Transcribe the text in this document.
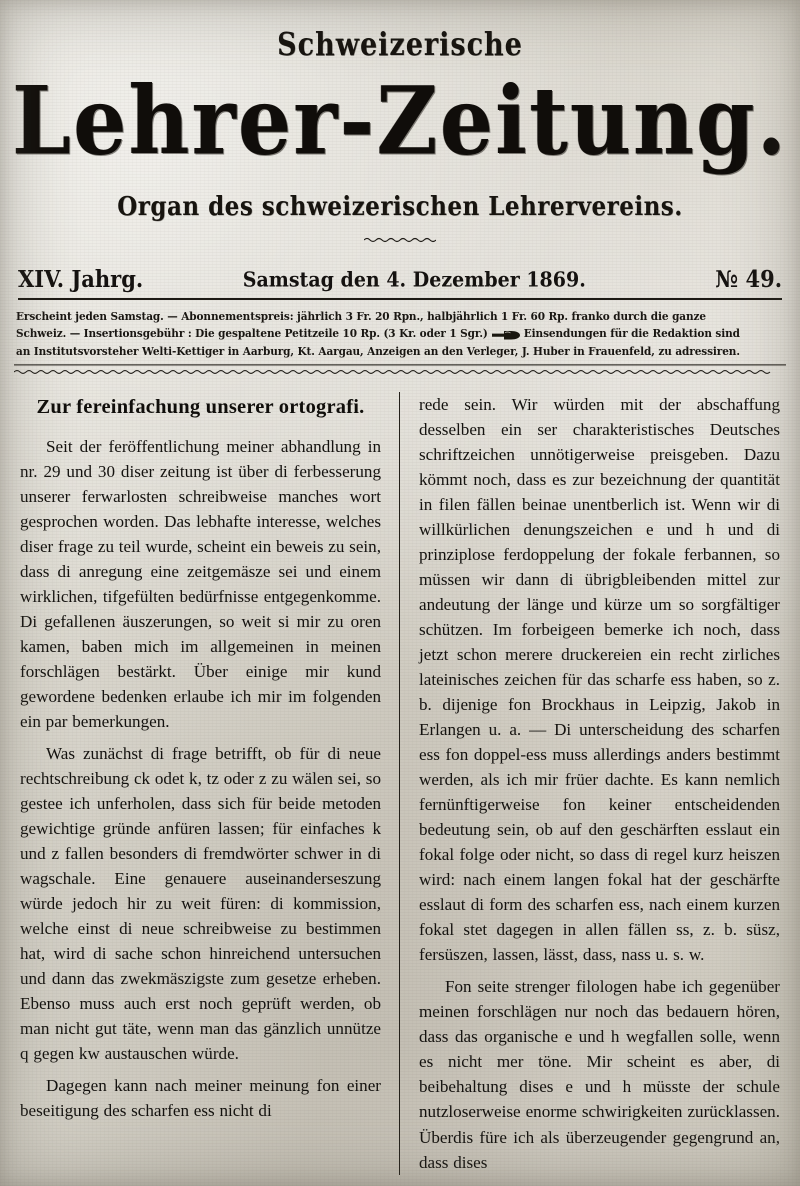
Schweizerische
Lehrer-Zeitung.
Organ des schweizerischen Lehrervereins.
XIV. Jahrg.	Samstag den 4. Dezember 1869.	№ 49.
Erscheint jeden Samstag. — Abonnementspreis: jährlich 3 Fr. 20 Rpn., halbjährlich 1 Fr. 60 Rp. franko durch die ganze
Schweiz. — Insertionsgebühr : Die gespaltene Petitzeile 10 Rp. (3 Kr. oder 1 Sgr.)	Einsendungen für die Redaktion sind
an Institutsvorsteher Welti-Kettiger in Aarburg, Kt. Aargau, Anzeigen an den Verleger, J. Huber in Frauenfeld, zu adressiren.
Zur fereinfachung unserer ortografi.

Seit der feröffentlichung meiner abhandlung in nr. 29 und 30 diser zeitung ist über di ferbesserung unserer ferwarlosten schreibweise manches wort gesprochen worden. Das lebhafte interesse, welches diser frage zu teil wurde, scheint ein beweis zu sein, dass di anregung eine zeitgemäsze sei und einem wirklichen, tifgefülten bedürfnisse entgegenkomme. Di gefallenen äuszerungen, so weit si mir zu oren kamen, baben mich im allgemeinen in meinen forschlägen bestärkt. Über einige mir kund gewordene bedenken erlaube ich mir im folgenden ein par bemerkungen.

Was zunächst di frage betrifft, ob für di neue rechtschreibung ck odet k, tz oder z zu wälen sei, so gestee ich unferholen, dass sich für beide metoden gewichtige gründe anfüren lassen; für einfaches k und z fallen besonders di fremdwörter schwer in di wagschale. Eine genauere auseinanderseszung würde jedoch hir zu weit füren: di kommission, welche einst di neue schreibweise zu bestimmen hat, wird di sache schon hinreichend untersuchen und dann das zwekmäszigste zum gesetze erheben. Ebenso muss auch erst noch geprüft werden, ob man nicht gut täte, wenn man das gänzlich unnütze q gegen kw austauschen würde.

Dagegen kann nach meiner meinung fon einer beseitigung des scharfen ess nicht di

rede sein. Wir würden mit der abschaffung desselben ein ser charakteristisches Deutsches schriftzeichen unnötigerweise preisgeben. Dazu kömmt noch, dass es zur bezeichnung der quantität in filen fällen beinae unentberlich ist. Wenn wir di willkürlichen denungszeichen e und h und di prinziplose ferdoppelung der fokale ferbannen, so müssen wir dann di übrigbleibenden mittel zur andeutung der länge und kürze um so sorgfältiger schützen. Im forbeigeen bemerke ich noch, dass jetzt schon merere druckereien ein recht zirliches lateinisches zeichen für das scharfe ess haben, so z. b. dijenige fon Brockhaus in Leipzig, Jakob in Erlangen u. a. — Di unterscheidung des scharfen ess fon doppel-ess muss allerdings anders bestimmt werden, als ich mir früer dachte. Es kann nemlich fernünftigerweise fon keiner entscheidenden bedeutung sein, ob auf den geschärften esslaut ein fokal folge oder nicht, so dass di regel kurz heiszen wird: nach einem langen fokal hat der geschärfte esslaut di form des scharfen ess, nach einem kurzen fokal stet dagegen in allen fällen ss, z. b. süsz, fersüszen, lassen, lässt, dass, nass u. s. w.

Fon seite strenger filologen habe ich gegenüber meinen forschlägen nur noch das bedauern hören, dass das organische e und h wegfallen solle, wenn es nicht mer töne. Mir scheint es aber, di beibehaltung dises e und h müsste der schule nutzloserweise enorme schwirigkeiten zurücklassen. Überdis füre ich als überzeugender gegengrund an, dass dises
